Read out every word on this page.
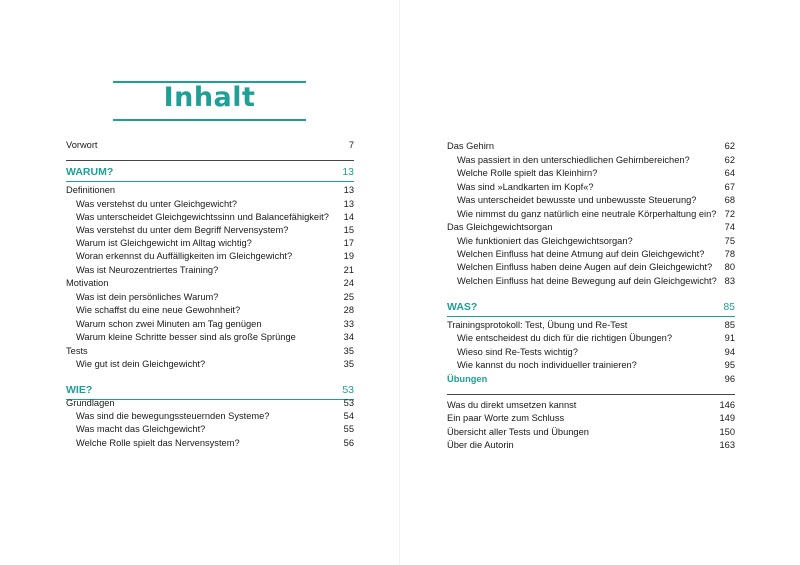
Inhalt
Vorwort	7
WARUM?	13
Definitionen	13
Was verstehst du unter Gleichgewicht?	13
Was unterscheidet Gleichgewichtssinn und Balancefähigkeit? 14
Was verstehst du unter dem Begriff Nervensystem?	15
Warum ist Gleichgewicht im Alltag wichtig?	17
Woran erkennst du Auffälligkeiten im Gleichgewicht?	19
Was ist Neurozentriertes Training?	21
Motivation	24
Was ist dein persönliches Warum?	25
Wie schaffst du eine neue Gewohnheit?	28
Warum schon zwei Minuten am Tag genügen	33
Warum kleine Schritte besser sind als große Sprünge	34
Tests	35
Wie gut ist dein Gleichgewicht?	35
WIE?	53
Grundlagen	53
Was sind die bewegungssteuernden Systeme?	54
Was macht das Gleichgewicht?	55
Welche Rolle spielt das Nervensystem?	56
Das Gehirn	62
Was passiert in den unterschiedlichen Gehirnbereichen?	62
Welche Rolle spielt das Kleinhirn?	64
Was sind »Landkarten im Kopf«?	67
Was unterscheidet bewusste und unbewusste Steuerung?	68
Wie nimmst du ganz natürlich eine neutrale Körperhaltung ein? 72
Das Gleichgewichtsorgan	74
Wie funktioniert das Gleichgewichtsorgan?	75
Welchen Einfluss hat deine Atmung auf dein Gleichgewicht? 78
Welchen Einfluss haben deine Augen auf dein Gleichgewicht? 80
Welchen Einfluss hat deine Bewegung auf dein Gleichgewicht? 83
WAS?	85
Trainingsprotokoll: Test, Übung und Re-Test	85
Wie entscheidest du dich für die richtigen Übungen?	91
Wieso sind Re-Tests wichtig?	94
Wie kannst du noch individueller trainieren?	95
Übungen	96
Was du direkt umsetzen kannst	146
Ein paar Worte zum Schluss	149
Übersicht aller Tests und Übungen	150
Über die Autorin	163
